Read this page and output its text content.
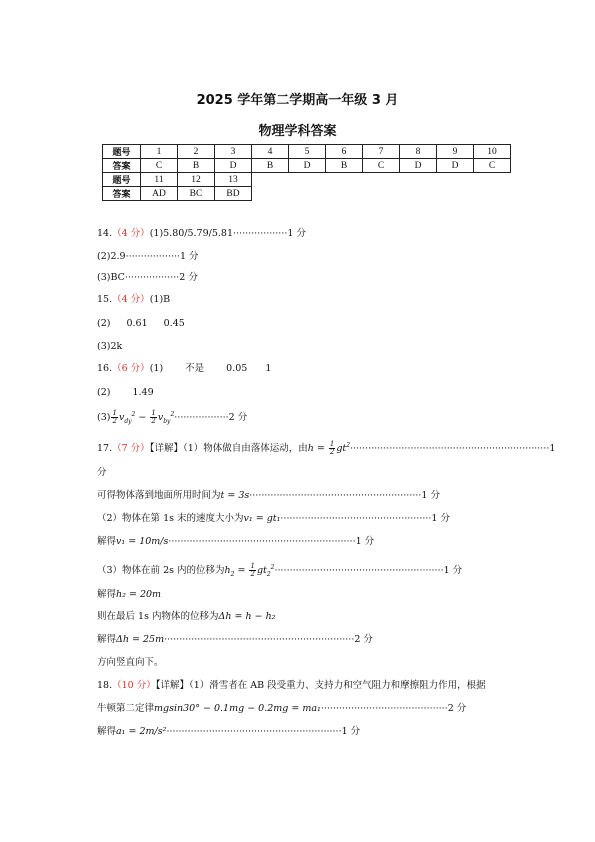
2025 学年第二学期高一年级 3 月
物理学科答案
题号	1	2	3	4	5	6	7	8	9	10
答案	C	B	D	B	D	B	C	D	D	C
题号	11	12	13							
答案	AD	BC	BD							
14.（4 分）(1)5.80/5.79/5.81··················1 分
(2)2.9··················1 分
(3)BC··················2 分
15.（4 分）(1)B
(2) 0.61 0.45
(3)2k
16.（6 分）(1) 不是 0.05 1
(2) 1.49
$(3) \frac{1}{2} v_{dy}^2 - \frac{1}{2} v_{by}^2\cdot\cdot\cdot\cdot\cdot\cdot\cdot\cdot\cdot\cdot\cdot\cdot\cdot\cdot\cdot\cdot\cdot\cdot 2$ 分
17.（7 分）【详解】（1）物体做自由落体运动，由$h = \frac{1}{2} gt^2\cdot\cdot\cdot\cdot\cdot\cdot\cdot\cdot\cdot\cdot\cdot\cdot\cdot\cdot\cdot\cdot\cdot\cdot\cdot\cdot\cdot\cdot\cdot\cdot\cdot\cdot\cdot\cdot\cdot\cdot\cdot\cdot\cdot\cdot\cdot\cdot\cdot\cdot\cdot\cdot\cdot\cdot\cdot\cdot\cdot\cdot\cdot\cdot\cdot\cdot\cdot\cdot\cdot\cdot\cdot\cdot\cdot\cdot\cdot\cdot\cdot\cdot\cdot\cdot\cdot\cdot 1$
分
可得物体落到地面所用时间为t = 3s·························································1 分
（2）物体在第 1s 末的速度大小为v₁ = gt₁··················································1 分
解得v₁ = 10m/s······························································1 分
（3）物体在前 2s 内的位移为$h_2 = \frac{1}{2} gt_2^2\cdot\cdot\cdot\cdot\cdot\cdot\cdot\cdot\cdot\cdot\cdot\cdot\cdot\cdot\cdot\cdot\cdot\cdot\cdot\cdot\cdot\cdot\cdot\cdot\cdot\cdot\cdot\cdot\cdot\cdot\cdot\cdot\cdot\cdot\cdot\cdot\cdot\cdot\cdot\cdot\cdot\cdot\cdot\cdot\cdot\cdot\cdot\cdot\cdot\cdot\cdot\cdot\cdot\cdot\cdot\cdot 1$ 分
解得h₂ = 20m
则在最后 1s 内物体的位移为Δh = h − h₂
解得Δh = 25m·······························································2 分
方向竖直向下。
18.（10 分）【详解】（1）滑雪者在 AB 段受重力、支持力和空气阻力和摩擦阻力作用，根据
牛顿第二定律mgsin30° − 0.1mg − 0.2mg = ma₁··········································2 分
解得a₁ = 2m/s²··························································1 分
